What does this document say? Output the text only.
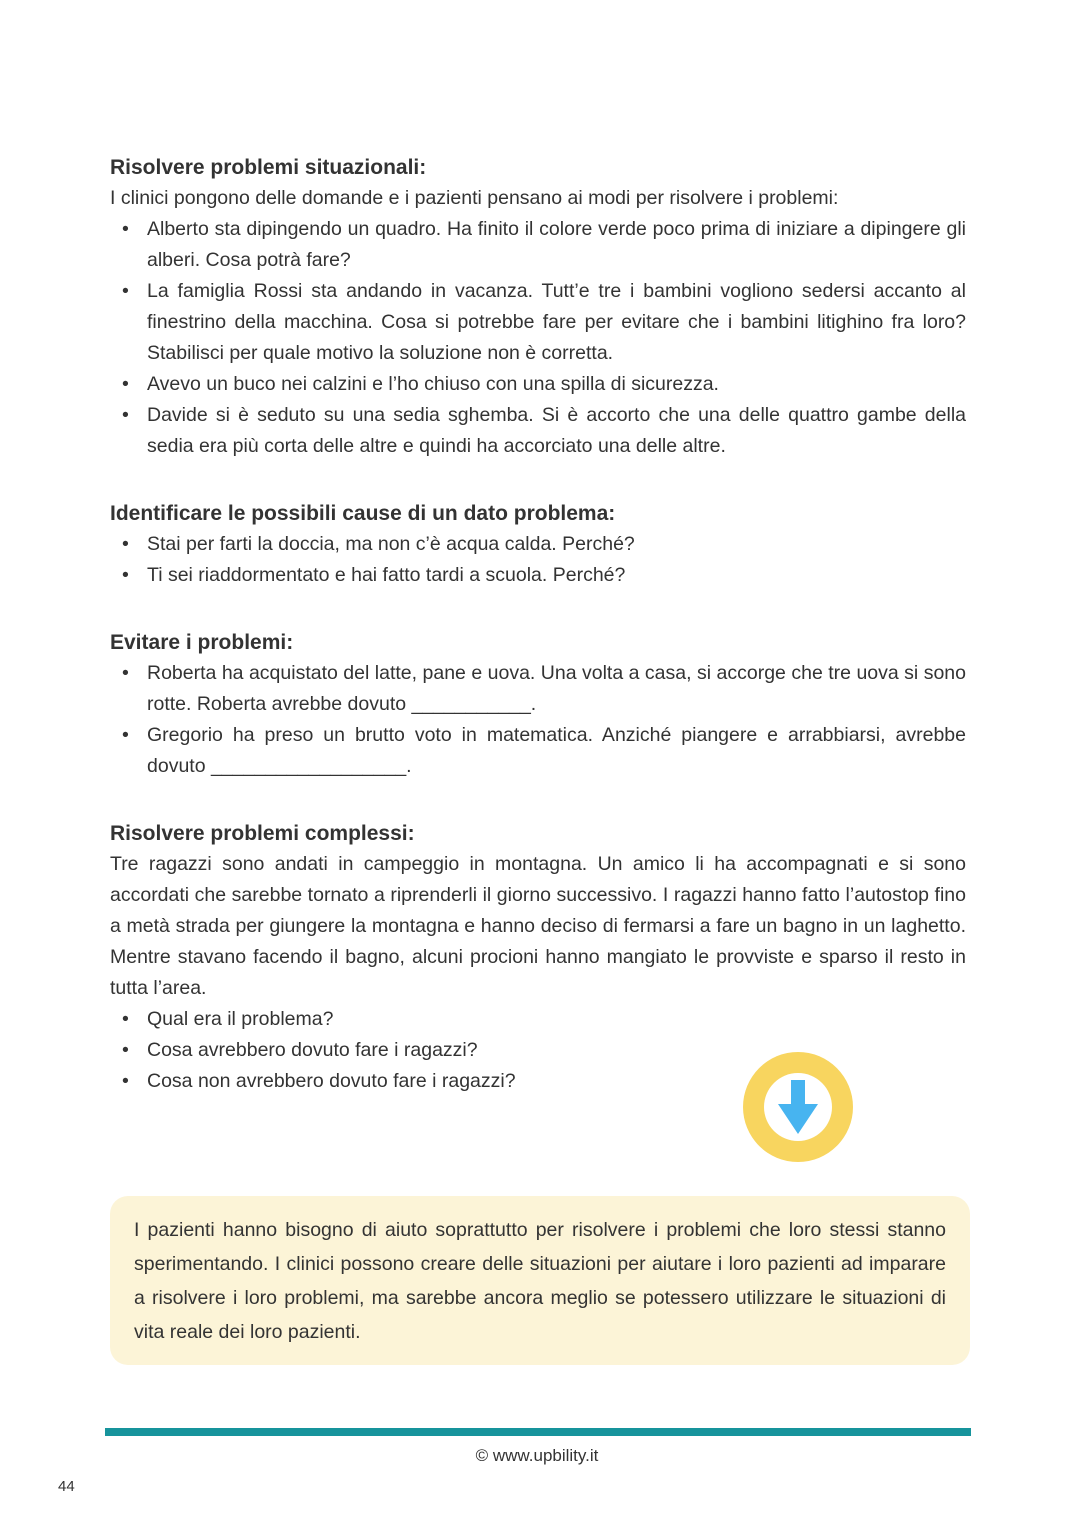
Risolvere problemi situazionali:

I clinici pongono delle domande e i pazienti pensano ai modi per risolvere i problemi:

• Alberto sta dipingendo un quadro. Ha finito il colore verde poco prima di iniziare a dipingere gli alberi. Cosa potrà fare?
• La famiglia Rossi sta andando in vacanza. Tutt’e tre i bambini vogliono sedersi accanto al finestrino della macchina. Cosa si potrebbe fare per evitare che i bambini litighino fra loro? Stabilisci per quale motivo la soluzione non è corretta.
• Avevo un buco nei calzini e l’ho chiuso con una spilla di sicurezza.
• Davide si è seduto su una sedia sghemba. Si è accorto che una delle quattro gambe della sedia era più corta delle altre e quindi ha accorciato una delle altre.
Identificare le possibili cause di un dato problema:
• Stai per farti la doccia, ma non c’è acqua calda. Perché?
• Ti sei riaddormentato e hai fatto tardi a scuola. Perché?
Evitare i problemi:
• Roberta ha acquistato del latte, pane e uova. Una volta a casa, si accorge che tre uova si sono rotte. Roberta avrebbe dovuto ___________.
• Gregorio ha preso un brutto voto in matematica. Anziché piangere e arrabbiarsi, avrebbe dovuto __________________.
Risolvere problemi complessi:

Tre ragazzi sono andati in campeggio in montagna. Un amico li ha accompagnati e si sono accordati che sarebbe tornato a riprenderli il giorno successivo. I ragazzi hanno fatto l’autostop fino a metà strada per giungere la montagna e hanno deciso di fermarsi a fare un bagno in un laghetto. Mentre stavano facendo il bagno, alcuni procioni hanno mangiato le provviste e sparso il resto in tutta l’area.

• Qual era il problema?
• Cosa avrebbero dovuto fare i ragazzi?
• Cosa non avrebbero dovuto fare i ragazzi?
I pazienti hanno bisogno di aiuto soprattutto per risolvere i problemi che loro stessi stanno sperimentando. I clinici possono creare delle situazioni per aiutare i loro pazienti ad imparare a risolvere i loro problemi, ma sarebbe ancora meglio se potessero utilizzare le situazioni di vita reale dei loro pazienti.
© www.upbility.it
44
